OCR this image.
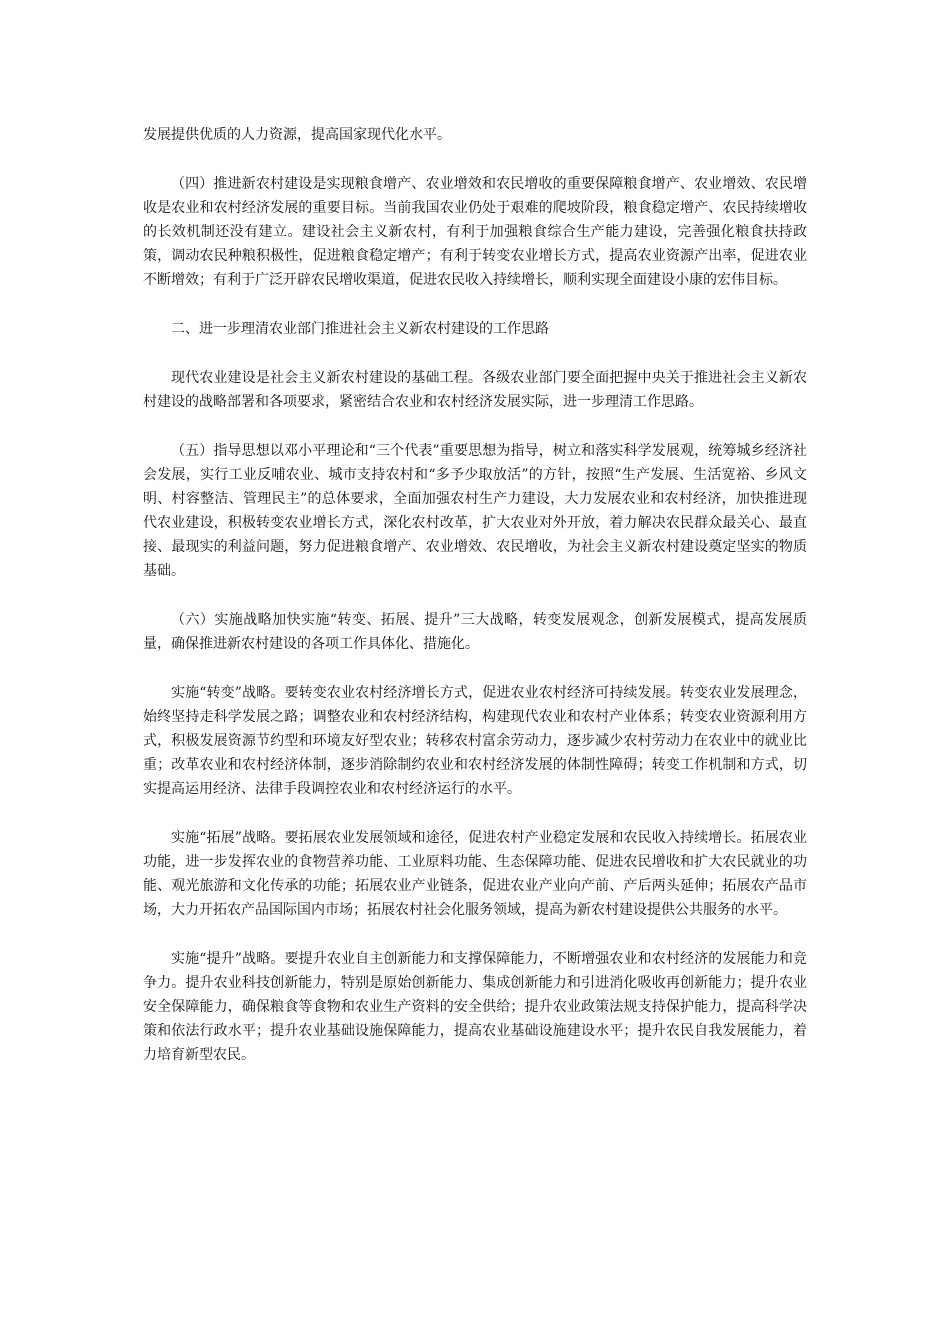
发展提供优质的人力资源，提高国家现代化水平。

（四）推进新农村建设是实现粮食增产、农业增效和农民增收的重要保障粮食增产、农业增效、农民增收是农业和农村经济发展的重要目标。当前我国农业仍处于艰难的爬坡阶段，粮食稳定增产、农民持续增收的长效机制还没有建立。建设社会主义新农村，有利于加强粮食综合生产能力建设，完善强化粮食扶持政策，调动农民种粮积极性，促进粮食稳定增产；有利于转变农业增长方式，提高农业资源产出率，促进农业不断增效；有利于广泛开辟农民增收渠道，促进农民收入持续增长，顺利实现全面建设小康的宏伟目标。

二、进一步理清农业部门推进社会主义新农村建设的工作思路

现代农业建设是社会主义新农村建设的基础工程。各级农业部门要全面把握中央关于推进社会主义新农村建设的战略部署和各项要求，紧密结合农业和农村经济发展实际，进一步理清工作思路。

（五）指导思想以邓小平理论和“三个代表”重要思想为指导，树立和落实科学发展观，统筹城乡经济社会发展，实行工业反哺农业、城市支持农村和“多予少取放活”的方针，按照“生产发展、生活宽裕、乡风文明、村容整洁、管理民主”的总体要求，全面加强农村生产力建设，大力发展农业和农村经济，加快推进现代农业建设，积极转变农业增长方式，深化农村改革，扩大农业对外开放，着力解决农民群众最关心、最直接、最现实的利益问题，努力促进粮食增产、农业增效、农民增收，为社会主义新农村建设奠定坚实的物质基础。

（六）实施战略加快实施“转变、拓展、提升”三大战略，转变发展观念，创新发展模式，提高发展质量，确保推进新农村建设的各项工作具体化、措施化。

实施“转变”战略。要转变农业农村经济增长方式，促进农业农村经济可持续发展。转变农业发展理念，始终坚持走科学发展之路；调整农业和农村经济结构，构建现代农业和农村产业体系；转变农业资源利用方式，积极发展资源节约型和环境友好型农业；转移农村富余劳动力，逐步减少农村劳动力在农业中的就业比重；改革农业和农村经济体制，逐步消除制约农业和农村经济发展的体制性障碍；转变工作机制和方式，切实提高运用经济、法律手段调控农业和农村经济运行的水平。

实施“拓展”战略。要拓展农业发展领域和途径，促进农村产业稳定发展和农民收入持续增长。拓展农业功能，进一步发挥农业的食物营养功能、工业原料功能、生态保障功能、促进农民增收和扩大农民就业的功能、观光旅游和文化传承的功能；拓展农业产业链条，促进农业产业向产前、产后两头延伸；拓展农产品市场，大力开拓农产品国际国内市场；拓展农村社会化服务领域，提高为新农村建设提供公共服务的水平。

实施“提升”战略。要提升农业自主创新能力和支撑保障能力，不断增强农业和农村经济的发展能力和竞争力。提升农业科技创新能力，特别是原始创新能力、集成创新能力和引进消化吸收再创新能力；提升农业安全保障能力，确保粮食等食物和农业生产资料的安全供给；提升农业政策法规支持保护能力，提高科学决策和依法行政水平；提升农业基础设施保障能力，提高农业基础设施建设水平；提升农民自我发展能力，着力培育新型农民。
